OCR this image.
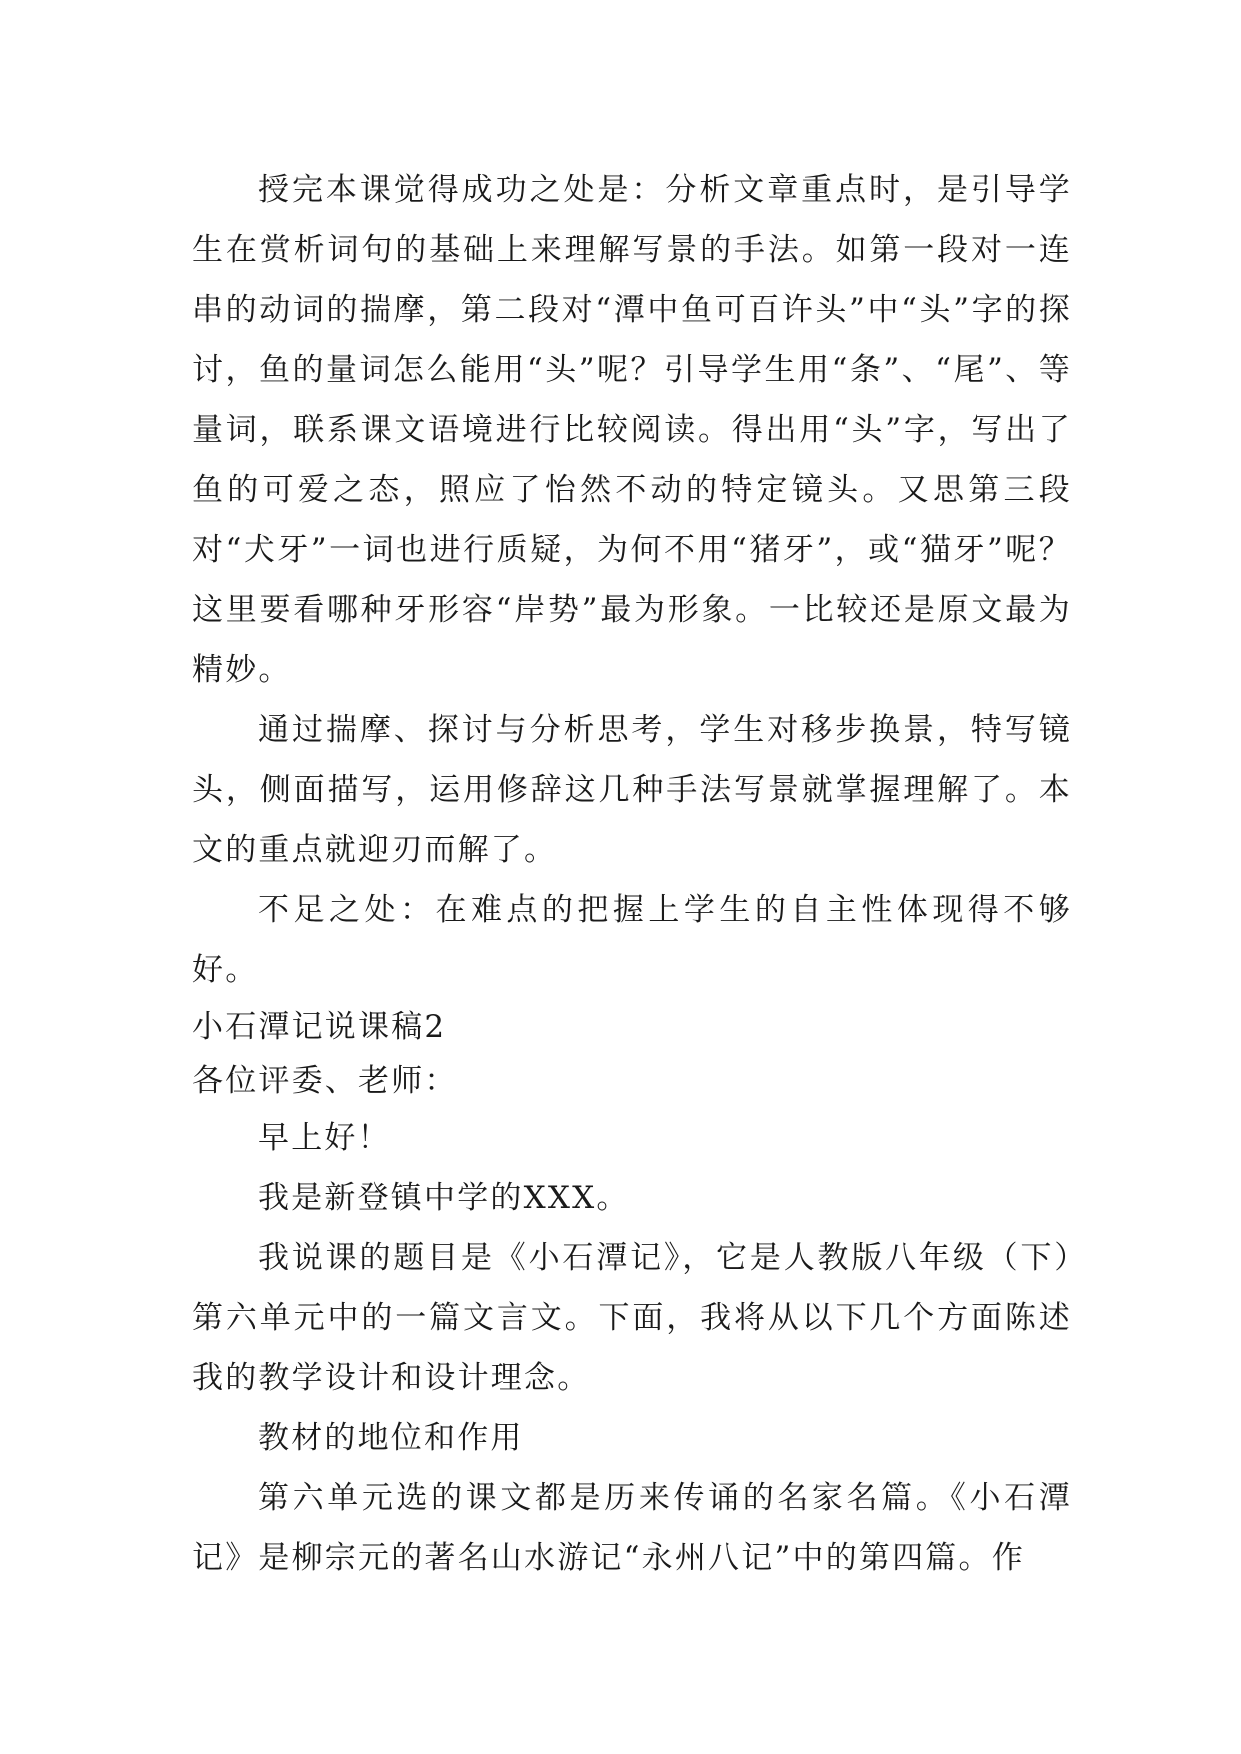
授完本课觉得成功之处是：分析文章重点时，是引导学生在赏析词句的基础上来理解写景的手法。如第一段对一连串的动词的揣摩，第二段对“潭中鱼可百许头”中“头”字的探讨，鱼的量词怎么能用“头”呢？引导学生用“条”、“尾”、等量词，联系课文语境进行比较阅读。得出用“头”字，写出了鱼的可爱之态，照应了怡然不动的特定镜头。又思第三段对“犬牙”一词也进行质疑，为何不用“猪牙”，或“猫牙”呢？这里要看哪种牙形容“岸势”最为形象。一比较还是原文最为精妙。

通过揣摩、探讨与分析思考，学生对移步换景，特写镜头，侧面描写，运用修辞这几种手法写景就掌握理解了。本文的重点就迎刃而解了。

不足之处：在难点的把握上学生的自主性体现得不够好。

小石潭记说课稿2

各位评委、老师：

早上好！

我是新登镇中学的XXX。

我说课的题目是《小石潭记》，它是人教版八年级（下）第六单元中的一篇文言文。下面，我将从以下几个方面陈述我的教学设计和设计理念。

教材的地位和作用

第六单元选的课文都是历来传诵的名家名篇。《小石潭记》是柳宗元的著名山水游记“永州八记”中的第四篇。作
